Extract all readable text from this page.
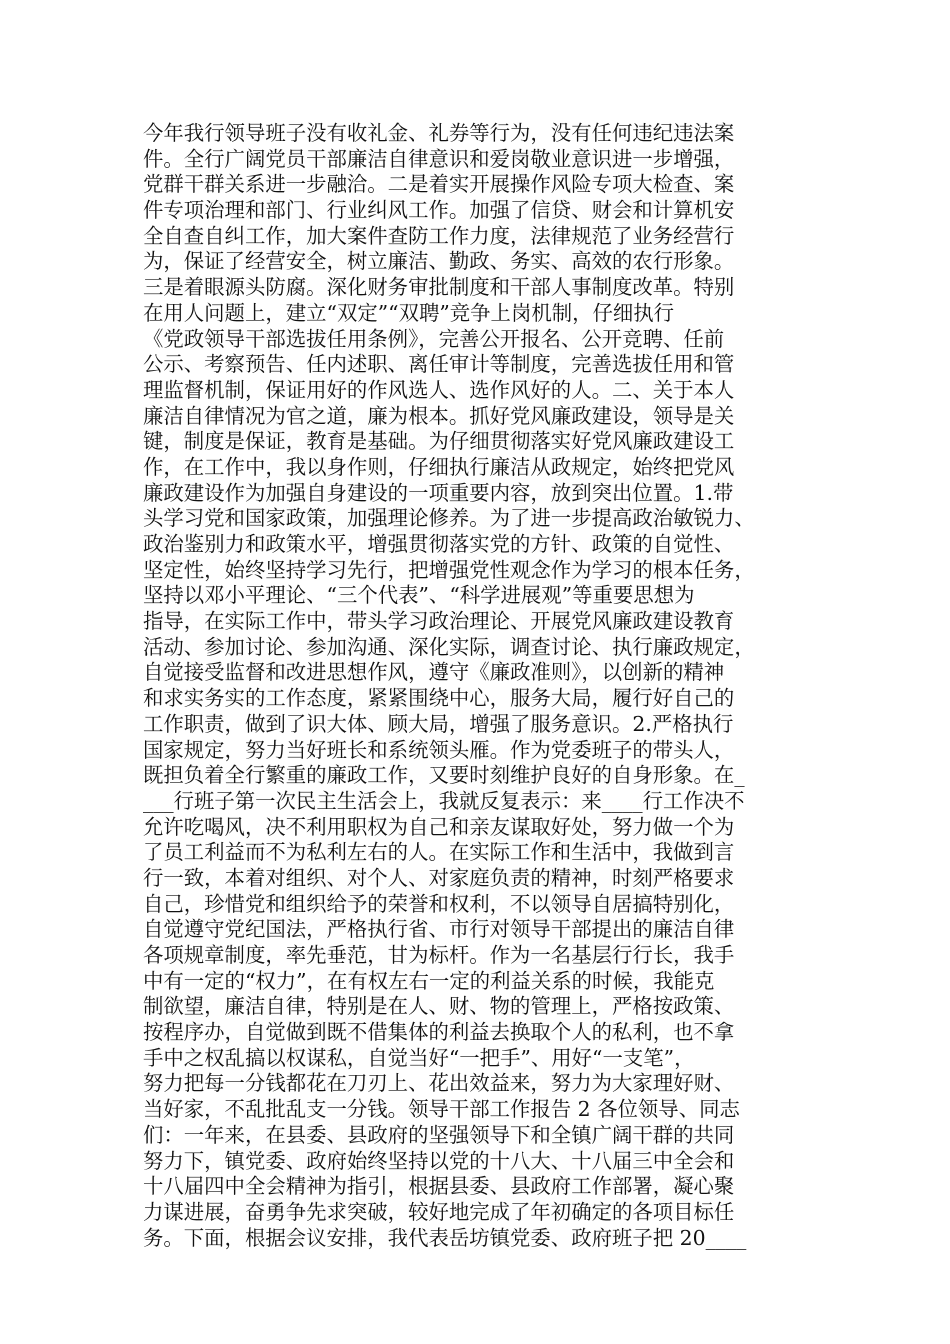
今年我行领导班子没有收礼金、礼券等行为，没有任何违纪违法案
件。全行广阔党员干部廉洁自律意识和爱岗敬业意识进一步增强，
党群干群关系进一步融洽。二是着实开展操作风险专项大检查、案
件专项治理和部门、行业纠风工作。加强了信贷、财会和计算机安
全自查自纠工作，加大案件查防工作力度，法律规范了业务经营行
为，保证了经营安全，树立廉洁、勤政、务实、高效的农行形象。
三是着眼源头防腐。深化财务审批制度和干部人事制度改革。特别
在用人问题上，建立“双定”“双聘”竞争上岗机制，仔细执行
《党政领导干部选拔任用条例》，完善公开报名、公开竞聘、任前
公示、考察预告、任内述职、离任审计等制度，完善选拔任用和管
理监督机制，保证用好的作风选人、选作风好的人。二、关于本人
廉洁自律情况为官之道，廉为根本。抓好党风廉政建设，领导是关
键，制度是保证，教育是基础。为仔细贯彻落实好党风廉政建设工
作，在工作中，我以身作则，仔细执行廉洁从政规定，始终把党风
廉政建设作为加强自身建设的一项重要内容，放到突出位置。1.带
头学习党和国家政策，加强理论修养。为了进一步提高政治敏锐力、
政治鉴别力和政策水平，增强贯彻落实党的方针、政策的自觉性、
坚定性，始终坚持学习先行，把增强党性观念作为学习的根本任务，
坚持以邓小平理论、“三个代表”、“科学进展观”等重要思想为
指导，在实际工作中，带头学习政治理论、开展党风廉政建设教育
活动、参加讨论、参加沟通、深化实际，调查讨论、执行廉政规定，
自觉接受监督和改进思想作风，遵守《廉政准则》，以创新的精神
和求实务实的工作态度，紧紧围绕中心，服务大局，履行好自己的
工作职责，做到了识大体、顾大局，增强了服务意识。2.严格执行
国家规定，努力当好班长和系统领头雁。作为党委班子的带头人，
既担负着全行繁重的廉政工作，又要时刻维护良好的自身形象。在_
___行班子第一次民主生活会上，我就反复表示：来____行工作决不
允许吃喝风，决不利用职权为自己和亲友谋取好处，努力做一个为
了员工利益而不为私利左右的人。在实际工作和生活中，我做到言
行一致，本着对组织、对个人、对家庭负责的精神，时刻严格要求
自己，珍惜党和组织给予的荣誉和权利，不以领导自居搞特别化，
自觉遵守党纪国法，严格执行省、市行对领导干部提出的廉洁自律
各项规章制度，率先垂范，甘为标杆。作为一名基层行行长，我手
中有一定的“权力”，在有权左右一定的利益关系的时候，我能克
制欲望，廉洁自律，特别是在人、财、物的管理上，严格按政策、
按程序办，自觉做到既不借集体的利益去换取个人的私利，也不拿
手中之权乱搞以权谋私，自觉当好“一把手”、用好“一支笔”，
努力把每一分钱都花在刀刃上、花出效益来，努力为大家理好财、
当好家，不乱批乱支一分钱。领导干部工作报告 2 各位领导、同志
们：一年来，在县委、县政府的坚强领导下和全镇广阔干群的共同
努力下，镇党委、政府始终坚持以党的十八大、十八届三中全会和
十八届四中全会精神为指引，根据县委、县政府工作部署，凝心聚
力谋进展，奋勇争先求突破，较好地完成了年初确定的各项目标任
务。下面，根据会议安排，我代表岳坊镇党委、政府班子把 20____
